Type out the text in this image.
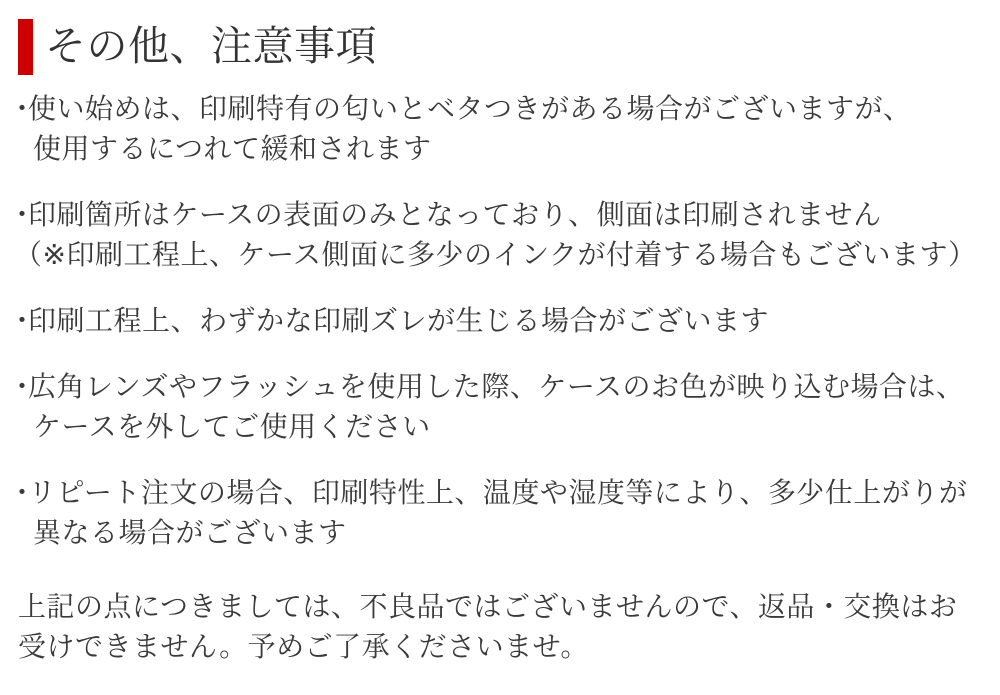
その他、注意事項
・
使い始めは、印刷特有の匂いとベタつきがある場合がございますが、
使用するにつれて緩和されます
・
印刷箇所はケースの表面のみとなっており、側面は印刷されません
（※印刷工程上、ケース側面に多少のインクが付着する場合もございます）
・
印刷工程上、わずかな印刷ズレが生じる場合がございます
・
広角レンズやフラッシュを使用した際、ケースのお色が映り込む場合は、
ケースを外してご使用ください
・
リピート注文の場合、印刷特性上、温度や湿度等により、多少仕上がりが
異なる場合がございます

上記の点につきましては、不良品ではございませんので、返品・交換はお
受けできません。予めご了承くださいませ。
